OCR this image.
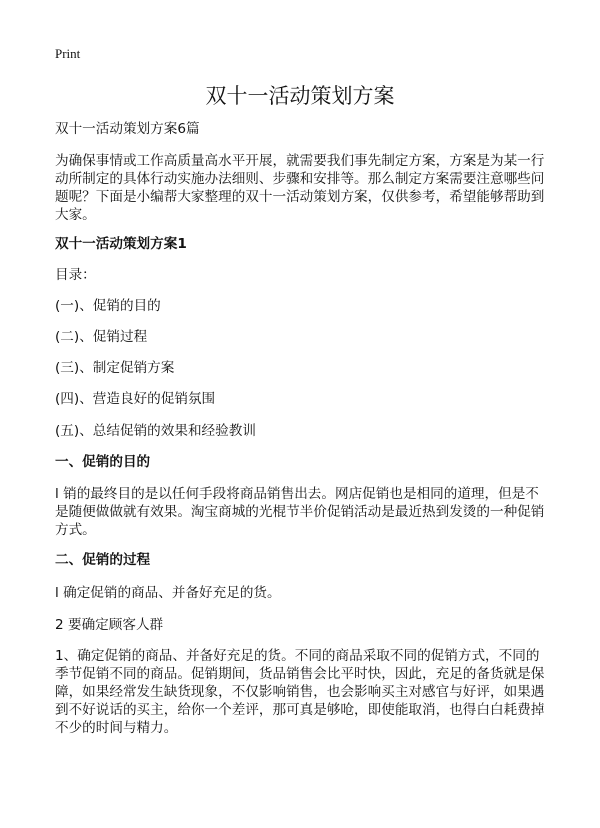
Print
双十一活动策划方案
双十一活动策划方案6篇
为确保事情或工作高质量高水平开展，就需要我们事先制定方案，方案是为某一行
动所制定的具体行动实施办法细则、步骤和安排等。那么制定方案需要注意哪些问
题呢？下面是小编帮大家整理的双十一活动策划方案，仅供参考，希望能够帮助到
大家。
双十一活动策划方案1
目录：
(一)、促销的目的
(二)、促销过程
(三)、制定促销方案
(四)、营造良好的促销氛围
(五)、总结促销的效果和经验教训
一、促销的目的
l 销的最终目的是以任何手段将商品销售出去。网店促销也是相同的道理，但是不
是随便做做就有效果。淘宝商城的光棍节半价促销活动是最近热到发烫的一种促销
方式。
二、促销的过程
l 确定促销的商品、并备好充足的货。
2 要确定顾客人群
1、确定促销的商品、并备好充足的货。不同的商品采取不同的促销方式，不同的
季节促销不同的商品。促销期间，货品销售会比平时快，因此，充足的备货就是保
障，如果经常发生缺货现象，不仅影响销售，也会影响买主对感官与好评，如果遇
到不好说话的买主，给你一个差评，那可真是够呛，即使能取消，也得白白耗费掉
不少的时间与精力。
